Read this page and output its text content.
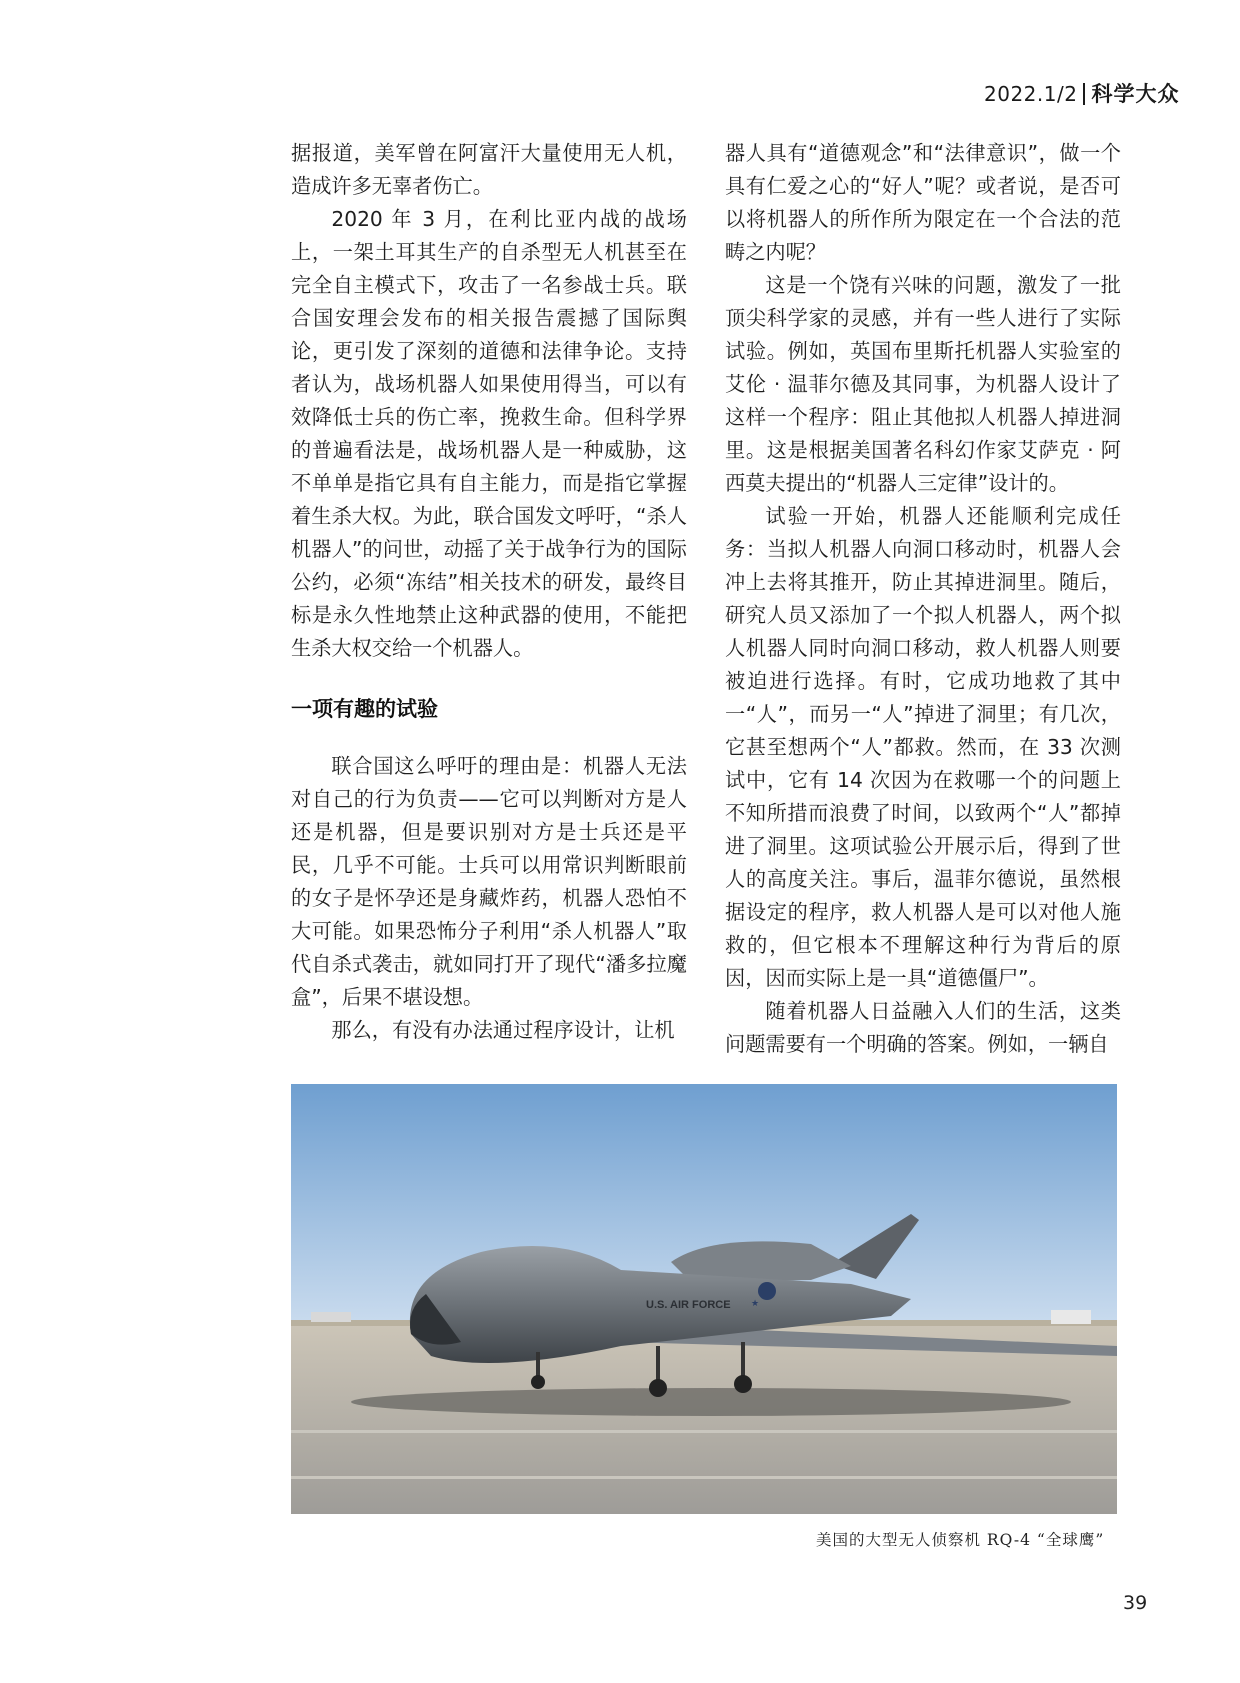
2022.1/2 科学大众

据报道，美军曾在阿富汗大量使用无人机，造成许多无辜者伤亡。

2020 年 3 月，在利比亚内战的战场上，一架土耳其生产的自杀型无人机甚至在完全自主模式下，攻击了一名参战士兵。联合国安理会发布的相关报告震撼了国际舆论，更引发了深刻的道德和法律争论。支持者认为，战场机器人如果使用得当，可以有效降低士兵的伤亡率，挽救生命。但科学界的普遍看法是，战场机器人是一种威胁，这不单单是指它具有自主能力，而是指它掌握着生杀大权。为此，联合国发文呼吁，“杀人机器人”的问世，动摇了关于战争行为的国际公约，必须“冻结”相关技术的研发，最终目标是永久性地禁止这种武器的使用，不能把生杀大权交给一个机器人。

一项有趣的试验

联合国这么呼吁的理由是：机器人无法对自己的行为负责——它可以判断对方是人还是机器，但是要识别对方是士兵还是平民，几乎不可能。士兵可以用常识判断眼前的女子是怀孕还是身藏炸药，机器人恐怕不大可能。如果恐怖分子利用“杀人机器人”取代自杀式袭击，就如同打开了现代“潘多拉魔盒”，后果不堪设想。

那么，有没有办法通过程序设计，让机

器人具有“道德观念”和“法律意识”，做一个具有仁爱之心的“好人”呢？或者说，是否可以将机器人的所作所为限定在一个合法的范畴之内呢？

这是一个饶有兴味的问题，激发了一批顶尖科学家的灵感，并有一些人进行了实际试验。例如，英国布里斯托机器人实验室的艾伦 · 温菲尔德及其同事，为机器人设计了这样一个程序：阻止其他拟人机器人掉进洞里。这是根据美国著名科幻作家艾萨克 · 阿西莫夫提出的“机器人三定律”设计的。

试验一开始，机器人还能顺利完成任务：当拟人机器人向洞口移动时，机器人会冲上去将其推开，防止其掉进洞里。随后，研究人员又添加了一个拟人机器人，两个拟人机器人同时向洞口移动，救人机器人则要被迫进行选择。有时，它成功地救了其中一“人”，而另一“人”掉进了洞里；有几次，它甚至想两个“人”都救。然而，在 33 次测试中，它有 14 次因为在救哪一个的问题上不知所措而浪费了时间，以致两个“人”都掉进了洞里。这项试验公开展示后，得到了世人的高度关注。事后，温菲尔德说，虽然根据设定的程序，救人机器人是可以对他人施救的，但它根本不理解这种行为背后的原因，因而实际上是一具“道德僵尸”。

随着机器人日益融入人们的生活，这类问题需要有一个明确的答案。例如，一辆自

★
U.S. AIR FORCE
美国的大型无人侦察机 RQ-4 “全球鹰”
39
